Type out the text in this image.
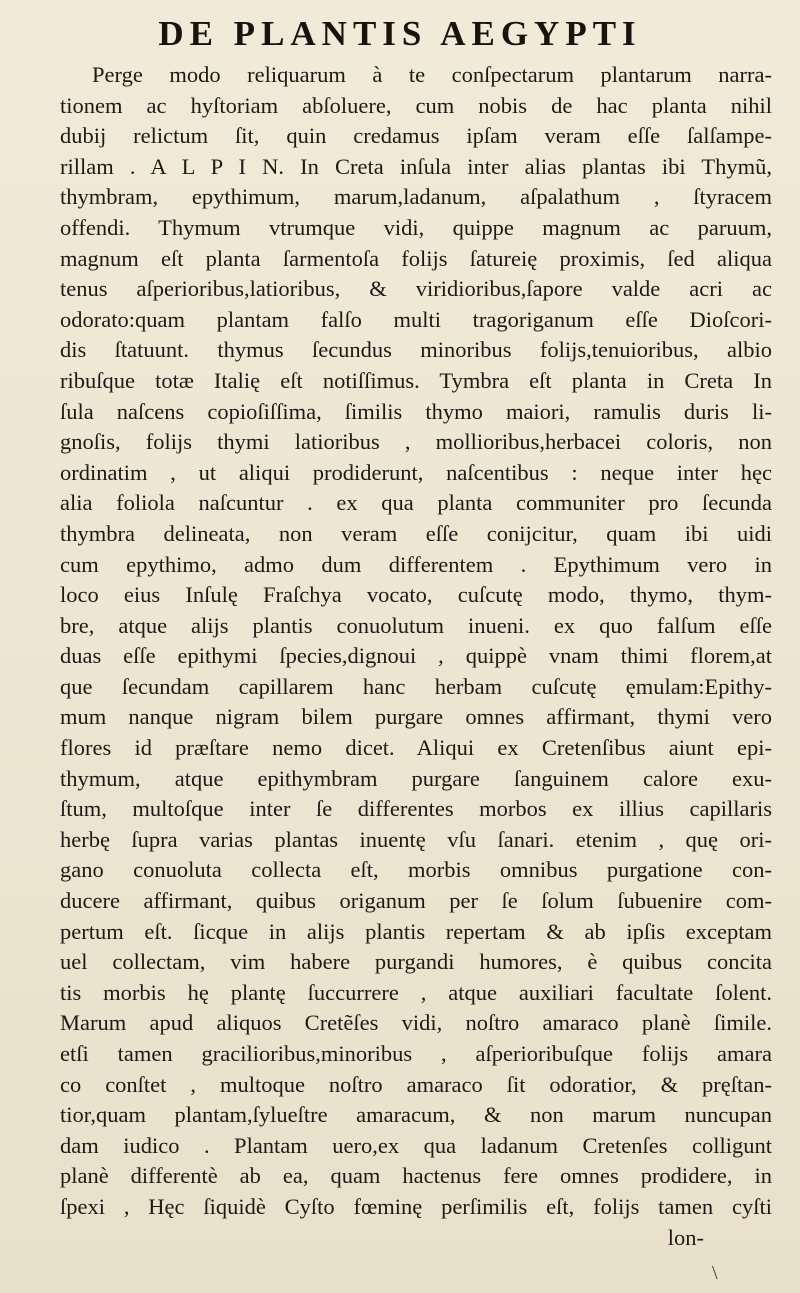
DE PLANTIS AEGYPTI
Perge modo reliquarum à te conſpectarum plantarum narra-
tionem ac hyſtoriam abſoluere, cum nobis de hac planta nihil
dubij relictum ſit, quin credamus ipſam veram eſſe ſalſampe-
rillam . A L P I N. In Creta inſula inter alias plantas ibi Thymũ,
thymbram, epythimum, marum,ladanum, aſpalathum , ſtyracem
offendi. Thymum vtrumque vidi, quippe magnum ac paruum,
magnum eſt planta ſarmentoſa folijs ſatureię proximis, ſed aliqua
tenus aſperioribus,latioribus, & viridioribus,ſapore valde acri ac
odorato:quam plantam falſo multi tragoriganum eſſe Dioſcori-
dis ſtatuunt. thymus ſecundus minoribus folijs,tenuioribus, albio
ribuſque totæ Italię eſt notiſſimus. Tymbra eſt planta in Creta In
ſula naſcens copioſiſſima, ſimilis thymo maiori, ramulis duris li-
gnoſis, folijs thymi latioribus , mollioribus,herbacei coloris, non
ordinatim , ut aliqui prodiderunt, naſcentibus : neque inter hęc
alia foliola naſcuntur . ex qua planta communiter pro ſecunda
thymbra delineata, non veram eſſe conijcitur, quam ibi uidi
cum epythimo, admo dum differentem . Epythimum vero in
loco eius Inſulę Fraſchya vocato, cuſcutę modo, thymo, thym-
bre, atque alijs plantis conuolutum inueni. ex quo falſum eſſe
duas eſſe epithymi ſpecies,dignoui , quippè vnam thimi florem,at
que ſecundam capillarem hanc herbam cuſcutę ęmulam:Epithy-
mum nanque nigram bilem purgare omnes affirmant, thymi vero
flores id præſtare nemo dicet. Aliqui ex Cretenſibus aiunt epi-
thymum, atque epithymbram purgare ſanguinem calore exu-
ſtum, multoſque inter ſe differentes morbos ex illius capillaris
herbę ſupra varias plantas inuentę vſu ſanari. etenim , quę ori-
gano conuoluta collecta eſt, morbis omnibus purgatione con-
ducere affirmant, quibus origanum per ſe ſolum ſubuenire com-
pertum eſt. ſicque in alijs plantis repertam & ab ipſis exceptam
uel collectam, vim habere purgandi humores, è quibus concita
tis morbis hę plantę ſuccurrere , atque auxiliari facultate ſolent.
Marum apud aliquos Cretẽſes vidi, noſtro amaraco planè ſimile.
etſi tamen gracilioribus,minoribus , aſperioribuſque folijs amara
co conſtet , multoque noſtro amaraco ſit odoratior, & pręſtan-
tior,quam plantam,ſylueſtre amaracum, & non marum nuncupan
dam iudico . Plantam uero,ex qua ladanum Cretenſes colligunt
planè differentè ab ea, quam hactenus fere omnes prodidere, in
ſpexi , Hęc ſiquidè Cyſto fœminę perſimilis eſt, folijs tamen cyſti
lon-
\
